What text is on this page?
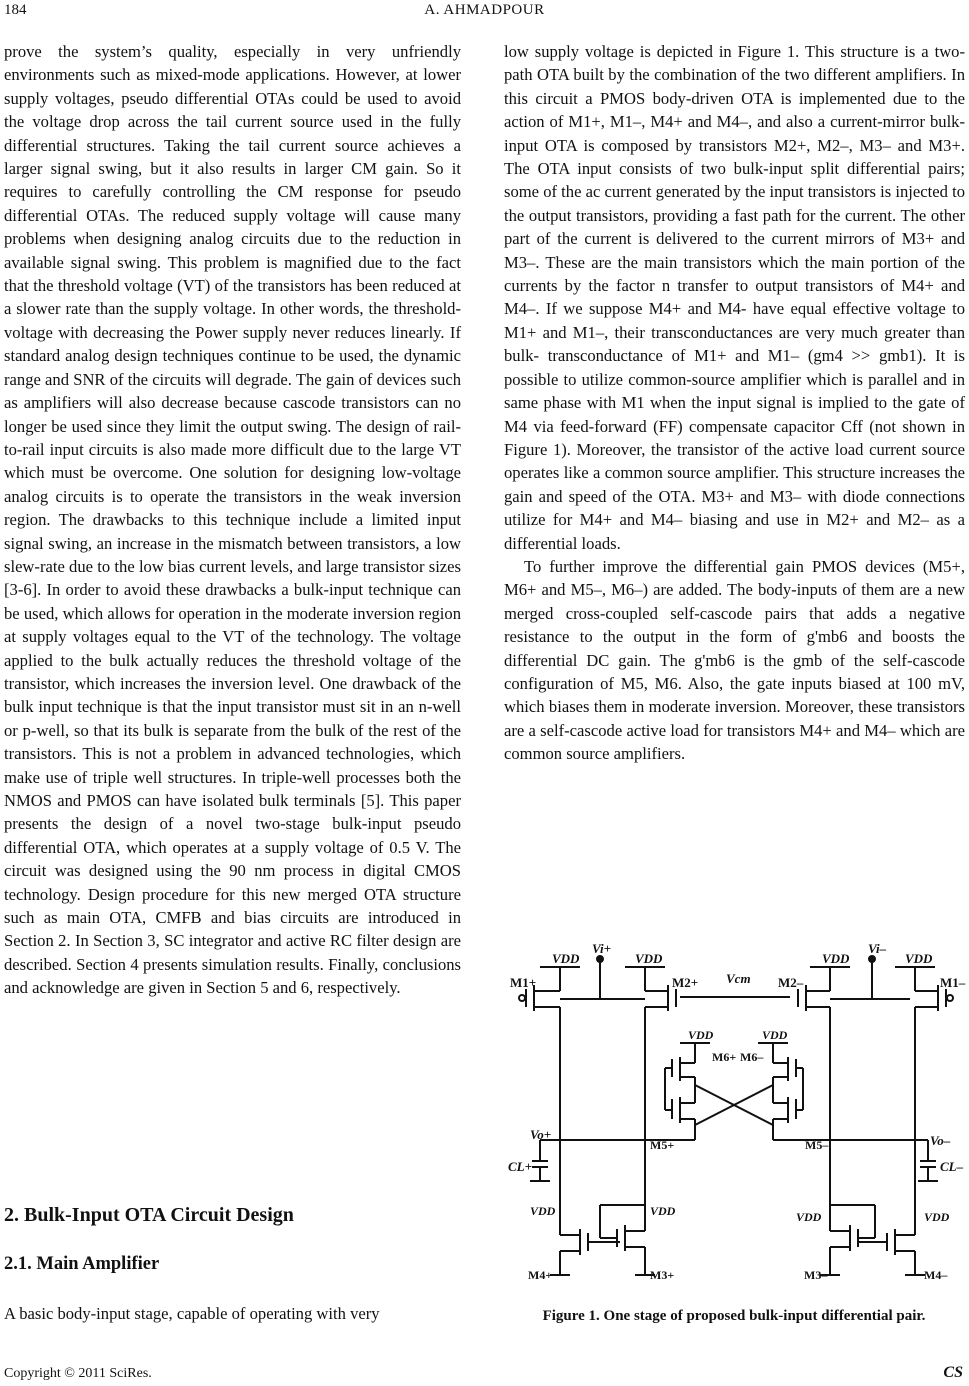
184	A. AHMADPOUR

prove the system’s quality, especially in very unfriendly environments such as mixed-mode applications. However, at lower supply voltages, pseudo differential OTAs could be used to avoid the voltage drop across the tail current source used in the fully differential structures. Taking the tail current source achieves a larger signal swing, but it also results in larger CM gain. So it requires to carefully controlling the CM response for pseudo differential OTAs. The reduced supply voltage will cause many problems when designing analog circuits due to the reduction in available signal swing. This problem is magnified due to the fact that the threshold voltage (VT) of the transistors has been reduced at a slower rate than the supply voltage. In other words, the threshold-voltage with decreasing the Power supply never reduces linearly. If standard analog design techniques continue to be used, the dynamic range and SNR of the circuits will degrade. The gain of devices such as amplifiers will also decrease because cascode transistors can no longer be used since they limit the output swing. The design of rail-to-rail input circuits is also made more difficult due to the large VT which must be overcome. One solution for designing low-voltage analog circuits is to operate the transistors in the weak inversion region. The drawbacks to this technique include a limited input signal swing, an increase in the mismatch between transistors, a low slew-rate due to the low bias current levels, and large transistor sizes [3-6]. In order to avoid these drawbacks a bulk-input technique can be used, which allows for operation in the moderate inversion region at supply voltages equal to the VT of the technology. The voltage applied to the bulk actually reduces the threshold voltage of the transistor, which increases the inversion level. One drawback of the bulk input technique is that the input transistor must sit in an n-well or p-well, so that its bulk is separate from the bulk of the rest of the transistors. This is not a problem in advanced technologies, which make use of triple well structures. In triple-well processes both the NMOS and PMOS can have isolated bulk terminals [5]. This paper presents the design of a novel two-stage bulk-input pseudo differential OTA, which operates at a supply voltage of 0.5 V. The circuit was designed using the 90 nm process in digital CMOS technology. Design procedure for this new merged OTA structure such as main OTA, CMFB and bias circuits are introduced in Section 2. In Section 3, SC integrator and active RC filter design are described. Section 4 presents simulation results. Finally, conclusions and acknowledge are given in Section 5 and 6, respectively.

2. Bulk-Input OTA Circuit Design
2.1. Main Amplifier
A basic body-input stage, capable of operating with very

low supply voltage is depicted in Figure 1. This structure is a two-path OTA built by the combination of the two different amplifiers. In this circuit a PMOS body-driven OTA is implemented due to the action of M1+, M1–, M4+ and M4–, and also a current-mirror bulk-input OTA is composed by transistors M2+, M2–, M3– and M3+. The OTA input consists of two bulk-input split differential pairs; some of the ac current generated by the input transistors is injected to the output transistors, providing a fast path for the current. The other part of the current is delivered to the current mirrors of M3+ and M3–. These are the main transistors which the main portion of the currents by the factor n transfer to output transistors of M4+ and M4–. If we suppose M4+ and M4- have equal effective voltage to M1+ and M1–, their transconductances are very much greater than bulk- transconductance of M1+ and M1– (gm4 >> gmb1). It is possible to utilize common-source amplifier which is parallel and in same phase with M1 when the input signal is implied to the gate of M4 via feed-forward (FF) compensate capacitor Cff (not shown in Figure 1). Moreover, the transistor of the active load current source operates like a common source amplifier. This structure increases the gain and speed of the OTA. M3+ and M3– with diode connections utilize for M4+ and M4– biasing and use in M2+ and M2– as a differential loads.

To further improve the differential gain PMOS devices (M5+, M6+ and M5–, M6–) are added. The body-inputs of them are a new merged cross-coupled self-cascode pairs that adds a negative resistance to the output in the form of g'mb6 and boosts the differential DC gain. The g'mb6 is the gmb of the self-cascode configuration of M5, M6. Also, the gate inputs biased at 100 mV, which biases them in moderate inversion. Moreover, these transistors are a self-cascode active load for transistors M4+ and M4– which are common source amplifiers.

VDD
Vi+
VDD	VDD
Vi–
VDD
Vcm
M1+	M2+	M2–	M1–
VDD	VDD
M6+ M6–
M5+	M5–
Vo+	Vo–
CL+	CL–
VDD	VDD	VDD	VDD
M4+	M3+	M3–	M4–
Figure 1. One stage of proposed bulk-input differential pair.
Copyright © 2011 SciRes.	CS
